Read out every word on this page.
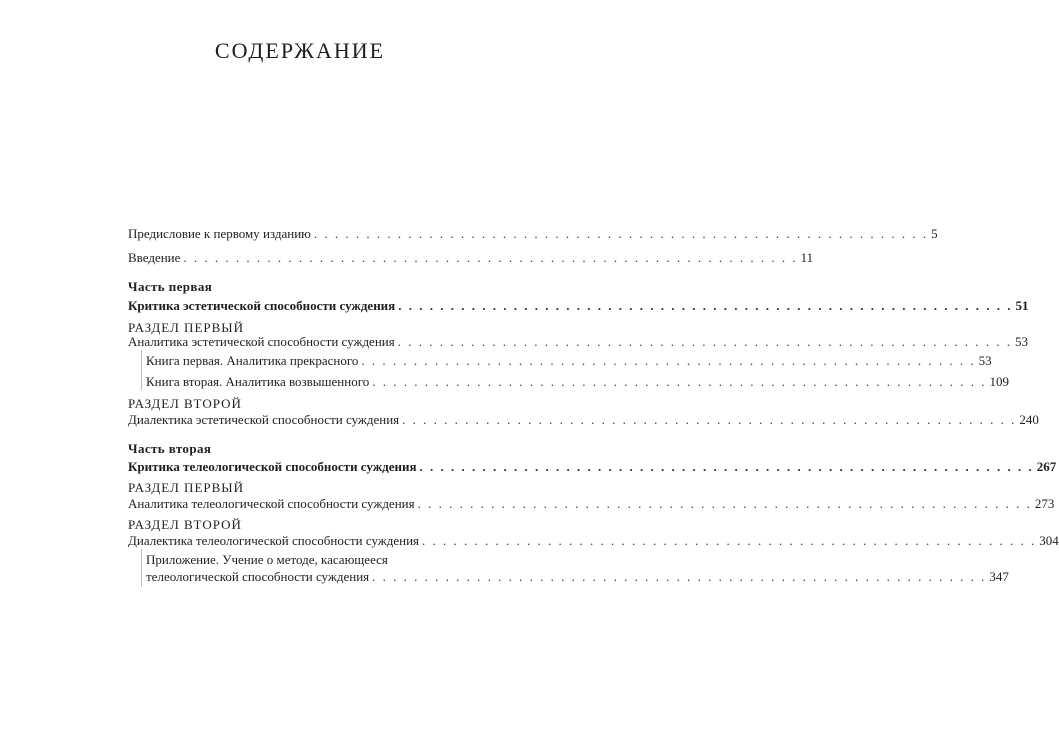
СОДЕРЖАНИЕ
Предисловие к первому изданию . . . . . . . . . . . . . . . . . . . . . . . . . . . . . . . . . . . . . . . . . . . . . . . . . . . . . . . . . . . 5
Введение . . . . . . . . . . . . . . . . . . . . . . . . . . . . . . . . . . . . . . . . . . . . . . . . . . . . . . . . . . . 11
Часть первая
Критика эстетической способности суждения . . . . . . . . . . . . . . . . . . . . . . . . . . . . . . . . . . . . . . . . . . . . . . . . . . . . . . . . . . . 51
РАЗДЕЛ ПЕРВЫЙ
Аналитика эстетической способности суждения . . . . . . . . . . . . . . . . . . . . . . . . . . . . . . . . . . . . . . . . . . . . . . . . . . . . . . . . . . . 53
Книга первая. Аналитика прекрасного . . . . . . . . . . . . . . . . . . . . . . . . . . . . . . . . . . . . . . . . . . . . . . . . . . . . . . . . . . . 53
Книга вторая. Аналитика возвышенного . . . . . . . . . . . . . . . . . . . . . . . . . . . . . . . . . . . . . . . . . . . . . . . . . . . . . . . . . . . 109
РАЗДЕЛ ВТОРОЙ
Диалектика эстетической способности суждения . . . . . . . . . . . . . . . . . . . . . . . . . . . . . . . . . . . . . . . . . . . . . . . . . . . . . . . . . . . 240
Часть вторая
Критика телеологической способности суждения . . . . . . . . . . . . . . . . . . . . . . . . . . . . . . . . . . . . . . . . . . . . . . . . . . . . . . . . . . . 267
РАЗДЕЛ ПЕРВЫЙ
Аналитика телеологической способности суждения . . . . . . . . . . . . . . . . . . . . . . . . . . . . . . . . . . . . . . . . . . . . . . . . . . . . . . . . . . . 273
РАЗДЕЛ ВТОРОЙ
Диалектика телеологической способности суждения . . . . . . . . . . . . . . . . . . . . . . . . . . . . . . . . . . . . . . . . . . . . . . . . . . . . . . . . . . . 304
Приложение. Учение о методе, касающееся
телеологической способности суждения . . . . . . . . . . . . . . . . . . . . . . . . . . . . . . . . . . . . . . . . . . . . . . . . . . . . . . . . . . . 347
